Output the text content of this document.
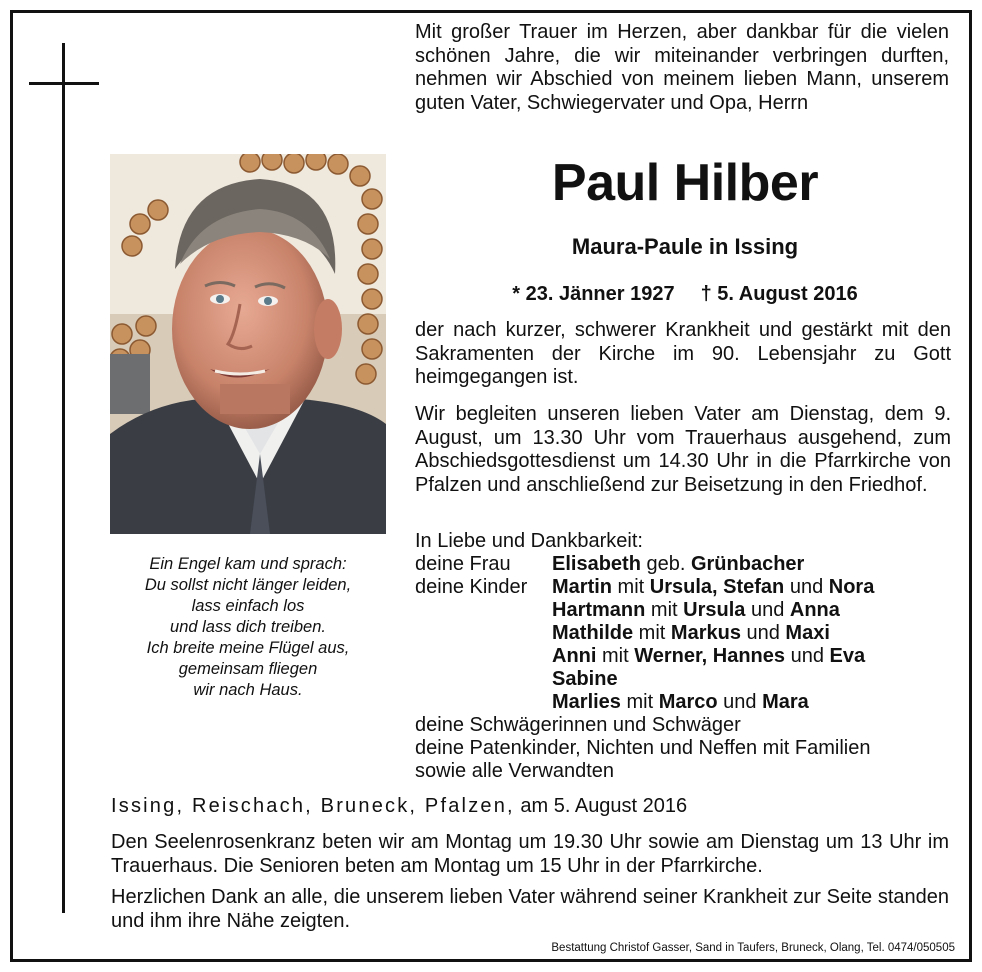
Mit großer Trauer im Herzen, aber dankbar für die vielen schönen Jahre, die wir miteinander verbringen durften, nehmen wir Abschied von meinem lieben Mann, unserem guten Vater, Schwiegervater und Opa, Herrn
Paul Hilber
Maura-Paule in Issing
* 23. Jänner 1927 † 5. August 2016
der nach kurzer, schwerer Krankheit und gestärkt mit den Sakramenten der Kirche im 90. Lebensjahr zu Gott heimgegangen ist.
Wir begleiten unseren lieben Vater am Dienstag, dem 9. August, um 13.30 Uhr vom Trauerhaus ausgehend, zum Abschiedsgottesdienst um 14.30 Uhr in die Pfarrkirche von Pfalzen und anschließend zur Beisetzung in den Friedhof.
In Liebe und Dankbarkeit:
deine Frau	Elisabeth geb. Grünbacher
deine Kinder	Martin mit Ursula, Stefan und Nora
Hartmann mit Ursula und Anna
Mathilde mit Markus und Maxi
Anni mit Werner, Hannes und Eva
Sabine
Marlies mit Marco und Mara
deine Schwägerinnen und Schwäger
deine Patenkinder, Nichten und Neffen mit Familien
sowie alle Verwandten
Ein Engel kam und sprach:
Du sollst nicht länger leiden,
lass einfach los
und lass dich treiben.
Ich breite meine Flügel aus,
gemeinsam fliegen
wir nach Haus.
Issing, Reischach, Bruneck, Pfalzen, am 5. August 2016
Den Seelenrosenkranz beten wir am Montag um 19.30 Uhr sowie am Dienstag um 13 Uhr im Trauerhaus. Die Senioren beten am Montag um 15 Uhr in der Pfarrkirche.
Herzlichen Dank an alle, die unserem lieben Vater während seiner Krankheit zur Seite standen und ihm ihre Nähe zeigten.
Bestattung Christof Gasser, Sand in Taufers, Bruneck, Olang, Tel. 0474/050505
